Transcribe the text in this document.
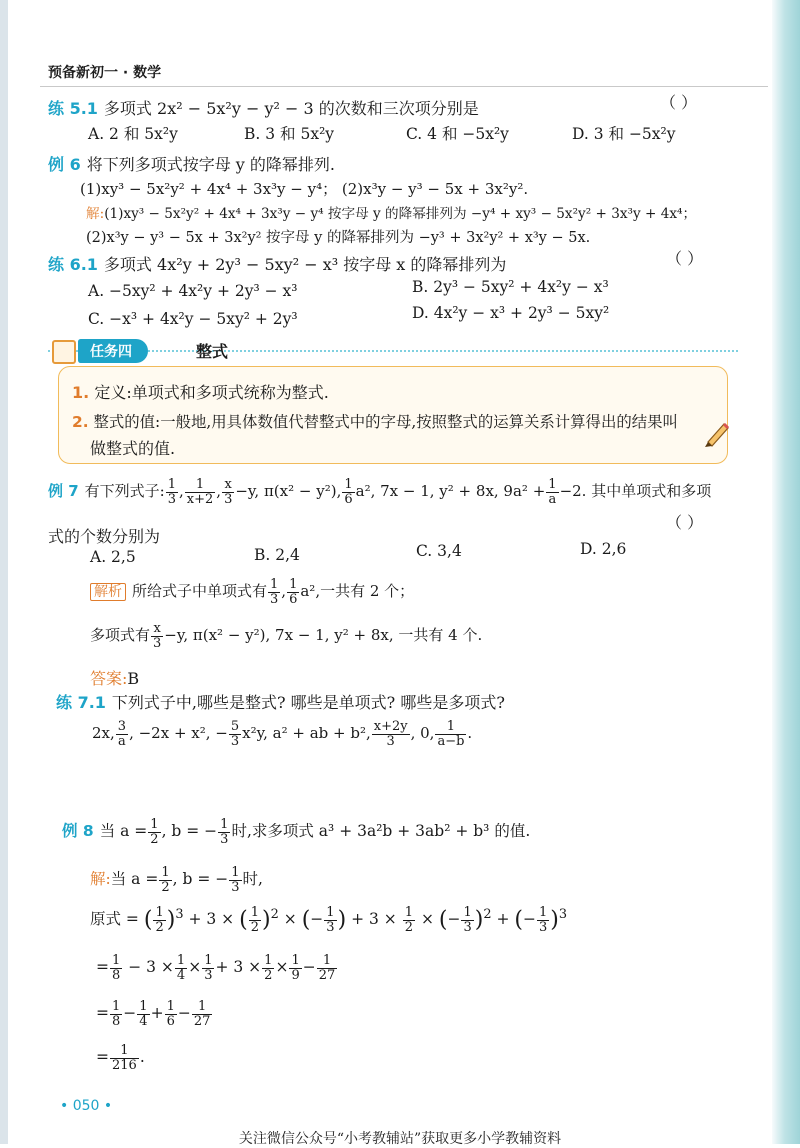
预备新初一 · 数学
练 5.1 多项式 2x² − 5x²y − y² − 3 的次数和三次项分别是	（ ）
A. 2 和 5x²y	B. 3 和 5x²y	C. 4 和 −5x²y	D. 3 和 −5x²y
例 6 将下列多项式按字母 y 的降幂排列.
(1)xy³ − 5x²y² + 4x⁴ + 3x³y − y⁴； (2)x³y − y³ − 5x + 3x²y².
解:(1)xy³ − 5x²y² + 4x⁴ + 3x³y − y⁴ 按字母 y 的降幂排列为 −y⁴ + xy³ − 5x²y² + 3x³y + 4x⁴；
(2)x³y − y³ − 5x + 3x²y² 按字母 y 的降幂排列为 −y³ + 3x²y² + x³y − 5x.
练 6.1 多项式 4x²y + 2y³ − 5xy² − x³ 按字母 x 的降幂排列为	（ ）
A. −5xy² + 4x²y + 2y³ − x³	B. 2y³ − 5xy² + 4x²y − x³
C. −x³ + 4x²y − 5xy² + 2y³	D. 4x²y − x³ + 2y³ − 5xy²
任务四	整式
1. 定义:单项式和多项式统称为整式.
2. 整式的值:一般地,用具体数值代替整式中的字母,按照整式的运算关系计算得出的结果叫
做整式的值.
例 7 有下列式子: $\frac{1}{3}$ , $\frac{1}{x+2}$ , $\frac{x}{3} -y$, π(x² − y²), $\frac{1}{6} a^2$, 7x − 1, y² + 8x, $9a^2 + \frac{1}{a} -2$. 其中单项式和多项
式的个数分别为
（ ）
A. 2,5	B. 2,4	C. 3,4	D. 2,6
解析 所给式子中单项式有 $\frac{1}{3}$ , $\frac{1}{6} a^2$,一共有 2 个；
多项式有 $\frac{x}{3} -y$, π(x² − y²), 7x − 1, y² + 8x, 一共有 4 个.
答案:B
练 7.1 下列式子中,哪些是整式? 哪些是单项式? 哪些是多项式?
2x, $\frac{3}{a}$ , −2x + x², − $\frac{5}{3} x^2y$, a² + ab + b², $\frac{x+2y}{3}$ , 0, $\frac{1}{a-b}$ .
例 8 当 $a = \frac{1}{2}$ , b = − $\frac{1}{3}$ 时,求多项式 a³ + 3a²b + 3ab² + b³ 的值.
解:当 $a = \frac{1}{2}$ , b = − $\frac{1}{3}$ 时,
原式 = ( $\frac{1}{2} )^3 + 3$ × ( $\frac{1}{2} )^2$ × (− $\frac{1}{3}$ ) + $3 \times \frac{1}{2}$ × (− $\frac{1}{3} )^2$ + (− $\frac{1}{3} )^3$
= $\frac{1}{8} - 3 \times \frac{1}{4} \times \frac{1}{3} + 3 \times \frac{1}{2} \times \frac{1}{9} - \frac{1}{27}$
= $\frac{1}{8} - \frac{1}{4} + \frac{1}{6} - \frac{1}{27}$
= $\frac{1}{216}$ .
• 050 •
关注微信公众号“小考教辅站”获取更多小学教辅资料
